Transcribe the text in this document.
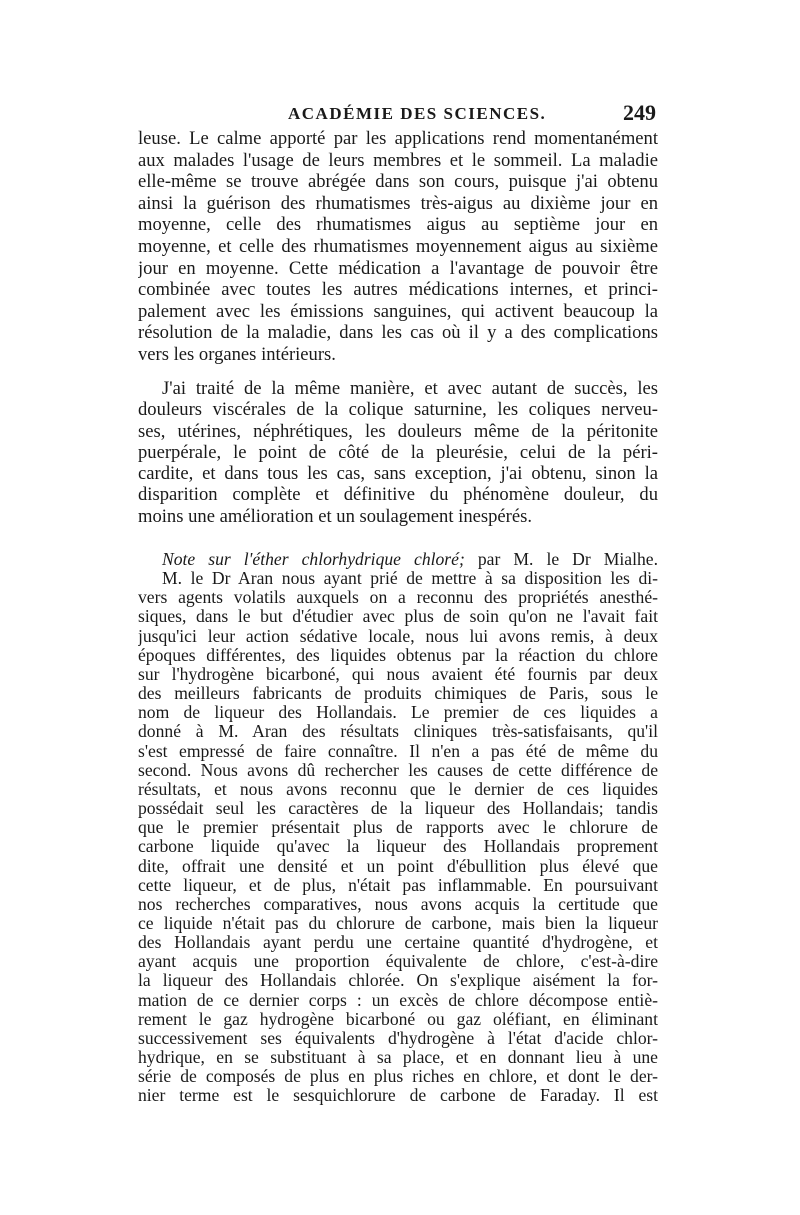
ACADÉMIE DES SCIENCES.	249
leuse. Le calme apporté par les applications rend momentanément
aux malades l'usage de leurs membres et le sommeil. La maladie
elle-même se trouve abrégée dans son cours, puisque j'ai obtenu
ainsi la guérison des rhumatismes très-aigus au dixième jour en
moyenne, celle des rhumatismes aigus au septième jour en
moyenne, et celle des rhumatismes moyennement aigus au sixième
jour en moyenne. Cette médication a l'avantage de pouvoir être
combinée avec toutes les autres médications internes, et princi-
palement avec les émissions sanguines, qui activent beaucoup la
résolution de la maladie, dans les cas où il y a des complications
vers les organes intérieurs.
J'ai traité de la même manière, et avec autant de succès, les
douleurs viscérales de la colique saturnine, les coliques nerveu-
ses, utérines, néphrétiques, les douleurs même de la péritonite
puerpérale, le point de côté de la pleurésie, celui de la péri-
cardite, et dans tous les cas, sans exception, j'ai obtenu, sinon la
disparition complète et définitive du phénomène douleur, du
moins une amélioration et un soulagement inespérés.
Note sur l'éther chlorhydrique chloré; par M. le Dr Mialhe.
M. le Dr Aran nous ayant prié de mettre à sa disposition les di-
vers agents volatils auxquels on a reconnu des propriétés anesthé-
siques, dans le but d'étudier avec plus de soin qu'on ne l'avait fait
jusqu'ici leur action sédative locale, nous lui avons remis, à deux
époques différentes, des liquides obtenus par la réaction du chlore
sur l'hydrogène bicarboné, qui nous avaient été fournis par deux
des meilleurs fabricants de produits chimiques de Paris, sous le
nom de liqueur des Hollandais. Le premier de ces liquides a
donné à M. Aran des résultats cliniques très-satisfaisants, qu'il
s'est empressé de faire connaître. Il n'en a pas été de même du
second. Nous avons dû rechercher les causes de cette différence de
résultats, et nous avons reconnu que le dernier de ces liquides
possédait seul les caractères de la liqueur des Hollandais; tandis
que le premier présentait plus de rapports avec le chlorure de
carbone liquide qu'avec la liqueur des Hollandais proprement
dite, offrait une densité et un point d'ébullition plus élevé que
cette liqueur, et de plus, n'était pas inflammable. En poursuivant
nos recherches comparatives, nous avons acquis la certitude que
ce liquide n'était pas du chlorure de carbone, mais bien la liqueur
des Hollandais ayant perdu une certaine quantité d'hydrogène, et
ayant acquis une proportion équivalente de chlore, c'est-à-dire
la liqueur des Hollandais chlorée. On s'explique aisément la for-
mation de ce dernier corps : un excès de chlore décompose entiè-
rement le gaz hydrogène bicarboné ou gaz oléfiant, en éliminant
successivement ses équivalents d'hydrogène à l'état d'acide chlor-
hydrique, en se substituant à sa place, et en donnant lieu à une
série de composés de plus en plus riches en chlore, et dont le der-
nier terme est le sesquichlorure de carbone de Faraday. Il est
